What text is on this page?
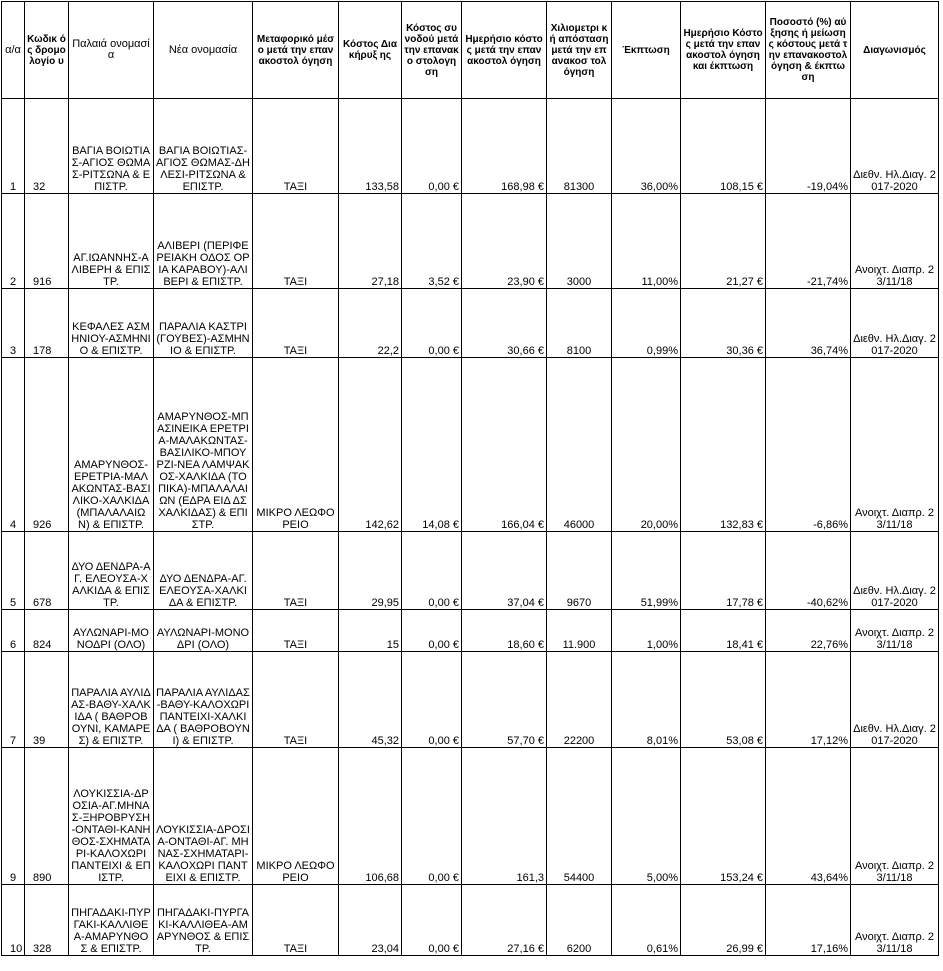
α/α	Κωδικ ός δρομο λογίο υ	Παλαιά ονομασία	Νέα ονομασία	Μεταφορικό μέσο μετά την επανακοστολ όγηση	Κόστος Διακήρυξ ης	Κόστος συνοδού μετά την επανακο στολογη ση	Ημερήσιο κόστος μετά την επανακοστολ όγηση	Χιλιομετρι κή απόσταση μετά την επανακοσ τολόγηση	Έκπτωση	Ημερήσιο Κόστος μετά την επανακοστολ όγηση και έκπτωση	Ποσοστό (%) αύξησης ή μείωσης κόστους μετά την επανακοστολ όγηση & έκπτωση	Διαγωνισμός
1	32	ΒΑΓΙΑ ΒΟΙΩΤΙΑΣ-ΑΓΙΟΣ ΘΩΜΑΣ-ΡΙΤΣΩΝΑ & ΕΠΙΣΤΡ.	ΒΑΓΙΑ ΒΟΙΩΤΙΑΣ-ΑΓΙΟΣ ΘΩΜΑΣ-ΔΗΛΕΣΙ-ΡΙΤΣΩΝΑ & ΕΠΙΣΤΡ.	ΤΑΞΙ	133,58	0,00 €	168,98 €	81300	36,00%	108,15 €	-19,04%	Διεθν. Ηλ.Διαγ. 2017-2020
2	916	ΑΓ.ΙΩΑΝΝΗΣ-ΑΛΙΒΕΡΗ & ΕΠΙΣΤΡ.	ΑΛΙΒΕΡΙ (ΠΕΡΙΦΕΡΕΙΑΚΗ ΟΔΟΣ ΟΡΙΑ ΚΑΡΑΒΟΥ)-ΑΛΙΒΕΡΙ & ΕΠΙΣΤΡ.	ΤΑΞΙ	27,18	3,52 €	23,90 €	3000	11,00%	21,27 €	-21,74%	Ανοιχτ. Διαπρ. 23/11/18
3	178	ΚΕΦΑΛΕΣ ΑΣΜΗΝΙΟΥ-ΑΣΜΗΝΙΟ & ΕΠΙΣΤΡ.	ΠΑΡΑΛΙΑ ΚΑΣΤΡΙ (ΓΟΥΒΕΣ)-ΑΣΜΗΝΙΟ & ΕΠΙΣΤΡ.	ΤΑΞΙ	22,2	0,00 €	30,66 €	8100	0,99%	30,36 €	36,74%	Διεθν. Ηλ.Διαγ. 2017-2020
4	926	ΑΜΑΡΥΝΘΟΣ-ΕΡΕΤΡΙΑ-ΜΑΛΑΚΩΝΤΑΣ-ΒΑΣΙΛΙΚΟ-ΧΑΛΚΙΔΑ(ΜΠΑΛΑΛΑΙΩΝ) & ΕΠΙΣΤΡ.	ΑΜΑΡΥΝΘΟΣ-ΜΠΑΣΙΝΕΙΚΑ ΕΡΕΤΡΙΑ-ΜΑΛΑΚΩΝΤΑΣ-ΒΑΣΙΛΙΚΟ-ΜΠΟΥΡΖΙ-ΝΕΑ ΛΑΜΨΑΚΟΣ-ΧΑΛΚΙΔΑ (ΤΟΠΙΚΑ)-ΜΠΑΛΑΛΑΙΩΝ (ΕΔΡΑ ΕΙΔ ΔΣ ΧΑΛΚΙΔΑΣ) & ΕΠΙΣΤΡ.	ΜΙΚΡΟ ΛΕΩΦΟΡΕΙΟ	142,62	14,08 €	166,04 €	46000	20,00%	132,83 €	-6,86%	Ανοιχτ. Διαπρ. 23/11/18
5	678	ΔΥΟ ΔΕΝΔΡΑ-ΑΓ. ΕΛΕΟΥΣΑ-ΧΑΛΚΙΔΑ & ΕΠΙΣΤΡ.	ΔΥΟ ΔΕΝΔΡΑ-ΑΓ. ΕΛΕΟΥΣΑ-ΧΑΛΚΙΔΑ & ΕΠΙΣΤΡ.	ΤΑΞΙ	29,95	0,00 €	37,04 €	9670	51,99%	17,78 €	-40,62%	Διεθν. Ηλ.Διαγ. 2017-2020
6	824	ΑΥΛΩΝΑΡΙ-ΜΟΝΟΔΡΙ (ΟΛΟ)	ΑΥΛΩΝΑΡΙ-ΜΟΝΟΔΡΙ (ΟΛΟ)	ΤΑΞΙ	15	0,00 €	18,60 €	11.900	1,00%	18,41 €	22,76%	Ανοιχτ. Διαπρ. 23/11/18
7	39	ΠΑΡΑΛΙΑ ΑΥΛΙΔΑΣ-ΒΑΘΥ-ΧΑΛΚΙΔΑ ( ΒΑΘΡΟΒΟΥΝΙ, ΚΑΜΑΡΕΣ) & ΕΠΙΣΤΡ.	ΠΑΡΑΛΙΑ ΑΥΛΙΔΑΣ-ΒΑΘΥ-ΚΑΛΟΧΩΡΙ ΠΑΝΤΕΙΧΙ-ΧΑΛΚΙΔΑ ( ΒΑΘΡΟΒΟΥΝΙ) & ΕΠΙΣΤΡ.	ΤΑΞΙ	45,32	0,00 €	57,70 €	22200	8,01%	53,08 €	17,12%	Διεθν. Ηλ.Διαγ. 2017-2020
9	890	ΛΟΥΚΙΣΣΙΑ-ΔΡΟΣΙΑ-ΑΓ.ΜΗΝΑΣ-ΞΗΡΟΒΡΥΣΗ-ΟΝΤΑΘΙ-ΚΑΝΗΘΟΣ-ΣΧΗΜΑΤΑΡΙ-ΚΑΛΟΧΩΡΙ ΠΑΝΤΕΙΧΙ & ΕΠΙΣΤΡ.	ΛΟΥΚΙΣΣΙΑ-ΔΡΟΣΙΑ-ΟΝΤΑΘΙ-ΑΓ. ΜΗΝΑΣ-ΣΧΗΜΑΤΑΡΙ-ΚΑΛΟΧΩΡΙ ΠΑΝΤΕΙΧΙ & ΕΠΙΣΤΡ.	ΜΙΚΡΟ ΛΕΩΦΟΡΕΙΟ	106,68	0,00 €	161,3	54400	5,00%	153,24 €	43,64%	Ανοιχτ. Διαπρ. 23/11/18
10	328	ΠΗΓΑΔΑΚΙ-ΠΥΡΓΑΚΙ-ΚΑΛΛΙΘΕΑ-ΑΜΑΡΥΝΘΟΣ & ΕΠΙΣΤΡ.	ΠΗΓΑΔΑΚΙ-ΠΥΡΓΑΚΙ-ΚΑΛΛΙΘΕΑ-ΑΜΑΡΥΝΘΟΣ & ΕΠΙΣΤΡ.	ΤΑΞΙ	23,04	0,00 €	27,16 €	6200	0,61%	26,99 €	17,16%	Ανοιχτ. Διαπρ. 23/11/18
